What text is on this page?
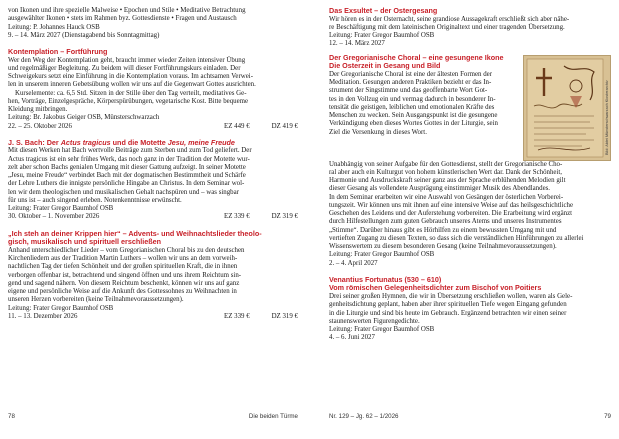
von Ikonen und ihre spezielle Malweise • Epochen und Stile • Meditative Betrachtung

ausgewählter Ikonen • stets im Rahmen byz. Gottesdienste • Fragen und Austausch

Leitung: P. Johannes Hauck OSB

9. – 14. März 2027 (Dienstagabend bis Sonntagmittag)

Kontemplation – Fortführung

Wer den Weg der Kontemplation geht, braucht immer wieder Zeiten intensiver Übung

und regelmäßiger Begleitung. Zu beidem will dieser Fortführungskurs einladen. Der

Schweigekurs setzt eine Einführung in die Kontemplation voraus. Im achtsamen Verwei-

len in unserem inneren Gebetsübung wollen wir uns auf die Gegenwart Gottes ausrichten.

Kurselemente: ca. 6,5 Std. Sitzen in der Stille über den Tag verteilt, meditatives Ge-

hen, Vorträge, Einzelgespräche, Körperspürübungen, vegetarische Kost. Bitte bequeme

Kleidung mitbringen.

Leitung: Br. Jakobus Geiger OSB, Münsterschwarzach

22. – 25. Oktober 2026	EZ 449 €	DZ 419 €

J. S. Bach: Der Actus tragicus und die Motette Jesu, meine Freude

Mit diesen Werken hat Bach wertvolle Beiträge zum Sterben und zum Tod geliefert. Der

Actus tragicus ist ein sehr frühes Werk, das noch ganz in der Tradition der Motette wur-

zelt aber schon Bachs genialen Umgang mit dieser Gattung aufzeigt. In seiner Motette

„Jesu, meine Freude“ verbindet Bach mit der dogmatischen Bestimmtheit und Schärfe

der Lehre Luthers die innigste persönliche Hingabe an Christus. In dem Seminar wol-

len wir dem theologischen und musikalischen Gehalt nachspüren und – was singbar

für uns ist – auch singend erleben. Notenkenntnisse erwünscht.

Leitung: Frater Gregor Baumhof OSB

30. Oktober – 1. November 2026	EZ 339 €	DZ 319 €

„Ich steh an deiner Krippen hier“ – Advents- und Weihnachtslieder theolo-

gisch, musikalisch und spirituell erschließen

Anhand unterschiedlicher Lieder – vom Gregorianischen Choral bis zu den deutschen

Kirchenliedern aus der Tradition Martin Luthers – wollen wir uns an dem vorweih-

nachtlichen Tag der tiefen Schönheit und der großen spirituellen Kraft, die in ihnen

verborgen offenbar ist, betrachtend und singend öffnen und uns ihrem Reichtum sin-

gend und sagend nähern. Von diesem Reichtum beschenkt, können wir uns auf ganz

eigene und persönliche Weise auf die Ankunft des Gottessohnes zu Weihnachten in

unseren Herzen vorbereiten (keine Teilnahmevoraussetzungen).

Leitung: Frater Gregor Baumhof OSB

11. – 13. Dezember 2026	EZ 339 €	DZ 319 €
78	Die beiden Türme

Das Exsultet – der Ostergesang

Wir hören es in der Osternacht, seine grandiose Aussagekraft erschließt sich aber nähe-

re Beschäftigung mit dem lateinischen Originaltext und einer tragenden Übersetzung.

Leitung: Frater Gregor Baumhof OSB

12. – 14. März 2027

Der Gregorianische Choral – eine gesungene Ikone

Die Osterzeit in Gesang und Bild

Der Gregorianische Choral ist eine der ältesten Formen der

Meditation. Gesungen anderen Praktiken bezieht er das In-

strument der Singstimme und das geoffenbarte Wort Got-

tes in den Vollzug ein und vermag dadurch in besonderer In-

tensität die geistigen, leiblichen und emotionalen Kräfte des

Menschen zu wecken. Sein Ausgangspunkt ist die gesungene

Verkündigung eben dieses Wortes Gottes in der Liturgie, sein

Ziel die Versenkung in dieses Wort.	Bild: Abtei Münsterschwarzach Klosterarchiv

Unabhängig von seiner Aufgabe für den Gottesdienst, stellt der Gregorianische Cho-

ral aber auch ein Kulturgut von hohem künstlerischen Wert dar. Dank der Schönheit,

Harmonie und Ausdruckskraft seiner ganz aus der Sprache erblühenden Melodien gilt

dieser Gesang als vollendete Ausprägung einstimmiger Musik des Abendlandes.

In dem Seminar erarbeiten wir eine Auswahl von Gesängen der österlichen Vorberei-

tungszeit. Wir können uns mit ihnen auf eine intensive Weise auf das heilsgeschichtliche

Geschehen des Leidens und der Auferstehung vorbereiten. Die Erarbeitung wird ergänzt

durch Hilfestellungen zum guten Gebrauch unseres Atems und unseres Instrumentes

„Stimme“. Darüber hinaus gibt es Hörhilfen zu einem bewussten Umgang mit und

vertieften Zugang zu diesen Texten, so dass sich die verständlichen Hinführungen zu allerlei

Wissenswertem zu diesem besonderen Gesang (keine Teilnahmevoraussetzungen).

Leitung: Frater Gregor Baumhof OSB

2. – 4. April 2027

Venantius Fortunatus (530 – 610)

Vom römischen Gelegenheitsdichter zum Bischof von Poitiers

Drei seiner großen Hymnen, die wir in Übersetzung erschließen wollen, waren als Gele-

genheitsdichtung geplant, haben aber ihrer spirituellen Tiefe wegen Eingang gefunden

in die Liturgie und sind bis heute im Gebrauch. Ergänzend betrachten wir einen seiner

staunenswerten Figurengedichte.

Leitung: Frater Gregor Baumhof OSB

4. – 6. Juni 2027

Nr. 129 – Jg. 62 – 1/2026	79
